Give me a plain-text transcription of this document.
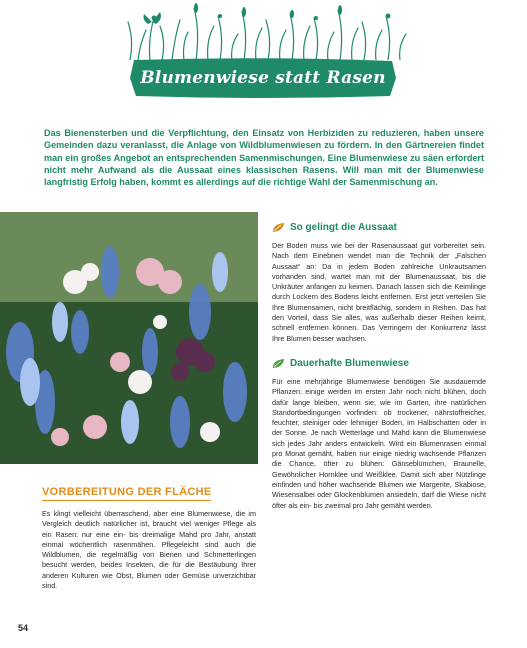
Blumenwiese statt Rasen
Das Bienensterben und die Verpflichtung, den Einsatz von Herbiziden zu reduzieren, haben unsere Gemeinden dazu veranlasst, die Anlage von Wildblumenwiesen zu fördern. In den Gärtnereien findet man ein großes Angebot an entsprechenden Samenmischungen. Eine Blumenwiese zu säen erfordert nicht mehr Aufwand als die Aussaat eines klassischen Rasens. Will man mit der Blumenwiese langfristig Erfolg haben, kommt es allerdings auf die richtige Wahl der Samenmischung an.
VORBEREITUNG DER FLÄCHE
Es klingt vielleicht überraschend, aber eine Blumenwiese, die im Vergleich deutlich natürlicher ist, braucht viel weniger Pflege als ein Rasen: nur eine ein- bis dreimalige Mahd pro Jahr, anstatt einmal wöchentlich rasenmähen. Pflegeleicht sind auch die Wildblumen, die regelmäßig von Bienen und Schmetterlingen besucht werden, beides Insekten, die für die Bestäubung Ihrer anderen Kulturen wie Obst, Blumen oder Gemüse unverzichtbar sind.
So gelingt die Aussaat
Der Boden muss wie bei der Rasenaussaat gut vorbereitet sein. Nach dem Einebnen wendet man die Technik der „Falschen Aussaat“ an: Da in jedem Boden zahlreiche Unkrautsamen vorhanden sind, wartet man mit der Blumenaussaat, bis die Unkräuter anfangen zu keimen. Danach lassen sich die Keimlinge durch Lockern des Bodens leicht entfernen. Erst jetzt verteilen Sie Ihre Blumensamen, nicht breitflächig, sondern in Reihen. Das hat den Vorteil, dass Sie alles, was außerhalb dieser Reihen keimt, schnell entfernen können. Das Verringern der Konkurrenz lässt Ihre Blumen besser wachsen.
Dauerhafte Blumenwiese
Für eine mehrjährige Blumenwiese benötigen Sie ausdauernde Pflanzen: einige werden im ersten Jahr noch nicht blühen, doch dafür lange bleiben, wenn sie, wie im Garten, ihre natürlichen Standortbedingungen vorfinden: ob trockener, nährstoffreicher, feuchter, steiniger oder lehmiger Boden, im Halbschatten oder in der Sonne. Je nach Wetterlage und Mahd kann die Blumenwiese sich jedes Jahr anders entwickeln. Wird ein Blumenrasen einmal pro Monat gemäht, haben nur einige niedrig wachsende Pflanzen die Chance, öfter zu blühen: Gänseblümchen, Braunelle, Gewöhnlicher Hornklee und Weißklee. Damit sich aber Nützlinge einfinden und höher wachsende Blumen wie Margerite, Skabiose, Wiesensalbei oder Glockenblumen ansiedeln, darf die Wiese nicht öfter als ein- bis zweimal pro Jahr gemäht werden.
54
